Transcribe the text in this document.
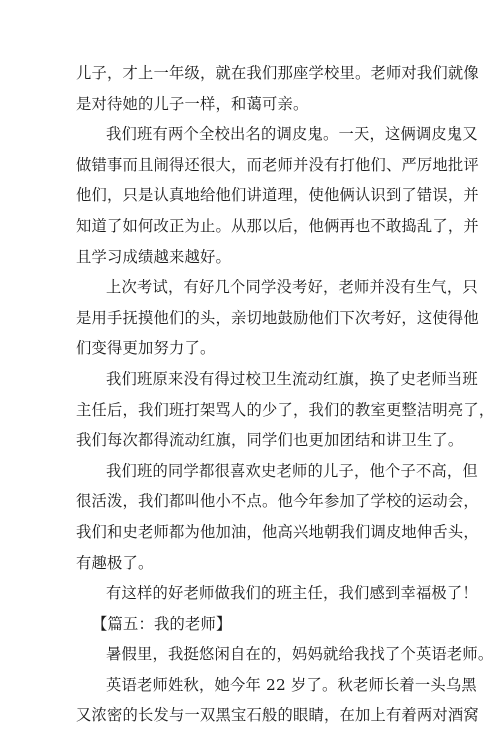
儿子，才上一年级，就在我们那座学校里。老师对我们就像
是对待她的儿子一样，和蔼可亲。
我们班有两个全校出名的调皮鬼。一天，这俩调皮鬼又
做错事而且闹得还很大，而老师并没有打他们、严厉地批评
他们，只是认真地给他们讲道理，使他俩认识到了错误，并
知道了如何改正为止。从那以后，他俩再也不敢捣乱了，并
且学习成绩越来越好。
上次考试，有好几个同学没考好，老师并没有生气，只
是用手抚摸他们的头，亲切地鼓励他们下次考好，这使得他
们变得更加努力了。
我们班原来没有得过校卫生流动红旗，换了史老师当班
主任后，我们班打架骂人的少了，我们的教室更整洁明亮了，
我们每次都得流动红旗，同学们也更加团结和讲卫生了。
我们班的同学都很喜欢史老师的儿子，他个子不高，但
很活泼，我们都叫他小不点。他今年参加了学校的运动会，
我们和史老师都为他加油，他高兴地朝我们调皮地伸舌头，
有趣极了。
有这样的好老师做我们的班主任，我们感到幸福极了！
【篇五：我的老师】
暑假里，我挺悠闲自在的，妈妈就给我找了个英语老师。
英语老师姓秋，她今年 22 岁了。秋老师长着一头乌黑
又浓密的长发与一双黑宝石般的眼睛，在加上有着两对酒窝
